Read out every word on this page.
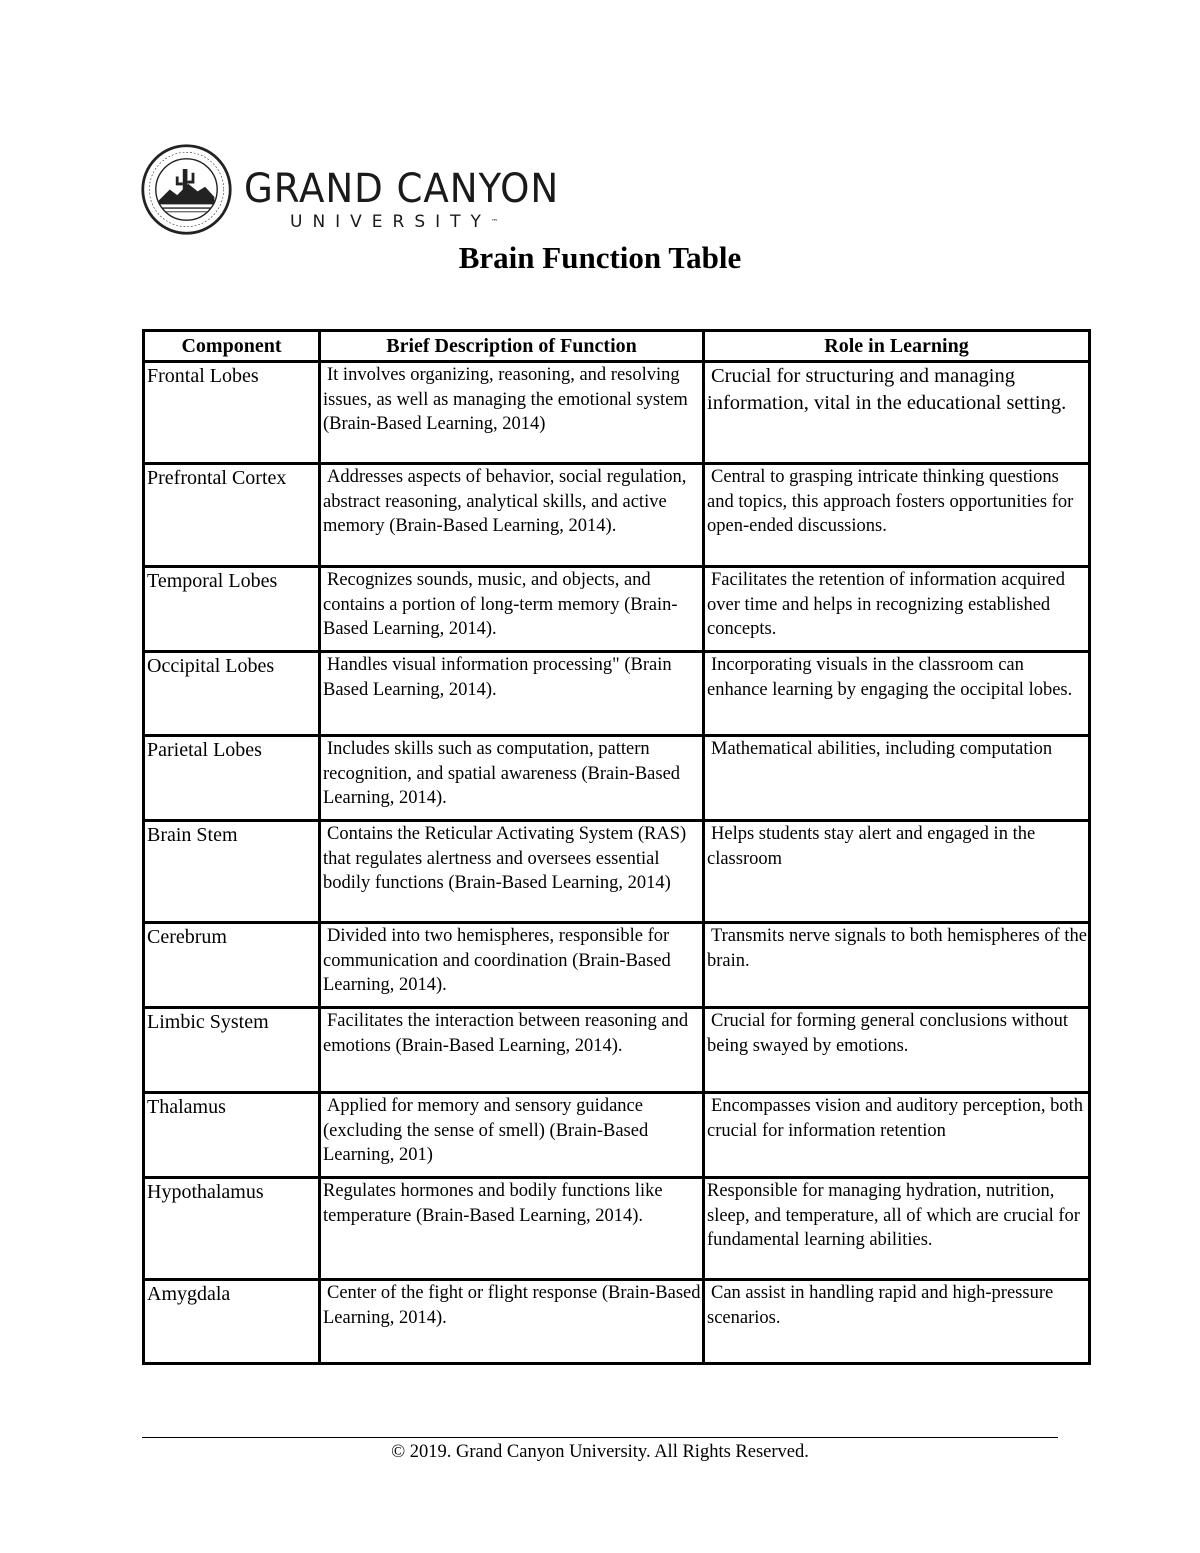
GRAND CANYON
UNIVERSITY™
Brain Function Table
Component	Brief Description of Function	Role in Learning
Frontal Lobes	It involves organizing, reasoning, and resolving issues, as well as managing the emotional system (Brain-Based Learning, 2014)	Crucial for structuring and managing information, vital in the educational setting.
Prefrontal Cortex	Addresses aspects of behavior, social regulation, abstract reasoning, analytical skills, and active memory (Brain-Based Learning, 2014).	Central to grasping intricate thinking questions and topics, this approach fosters opportunities for open-ended discussions.
Temporal Lobes	Recognizes sounds, music, and objects, and contains a portion of long-term memory (Brain-Based Learning, 2014).	Facilitates the retention of information acquired over time and helps in recognizing established concepts.
Occipital Lobes	Handles visual information processing" (Brain Based Learning, 2014).	Incorporating visuals in the classroom can enhance learning by engaging the occipital lobes.
Parietal Lobes	Includes skills such as computation, pattern recognition, and spatial awareness (Brain-Based Learning, 2014).	Mathematical abilities, including computation
Brain Stem	Contains the Reticular Activating System (RAS) that regulates alertness and oversees essential bodily functions (Brain-Based Learning, 2014)	Helps students stay alert and engaged in the classroom
Cerebrum	Divided into two hemispheres, responsible for communication and coordination (Brain-Based Learning, 2014).	Transmits nerve signals to both hemispheres of the brain.
Limbic System	Facilitates the interaction between reasoning and emotions (Brain-Based Learning, 2014).	Crucial for forming general conclusions without being swayed by emotions.
Thalamus	Applied for memory and sensory guidance (excluding the sense of smell) (Brain-Based Learning, 201)	Encompasses vision and auditory perception, both crucial for information retention
Hypothalamus	Regulates hormones and bodily functions like temperature (Brain-Based Learning, 2014).	Responsible for managing hydration, nutrition, sleep, and temperature, all of which are crucial for fundamental learning abilities.
Amygdala	Center of the fight or flight response (Brain-Based Learning, 2014).	Can assist in handling rapid and high-pressure scenarios.
© 2019. Grand Canyon University. All Rights Reserved.
